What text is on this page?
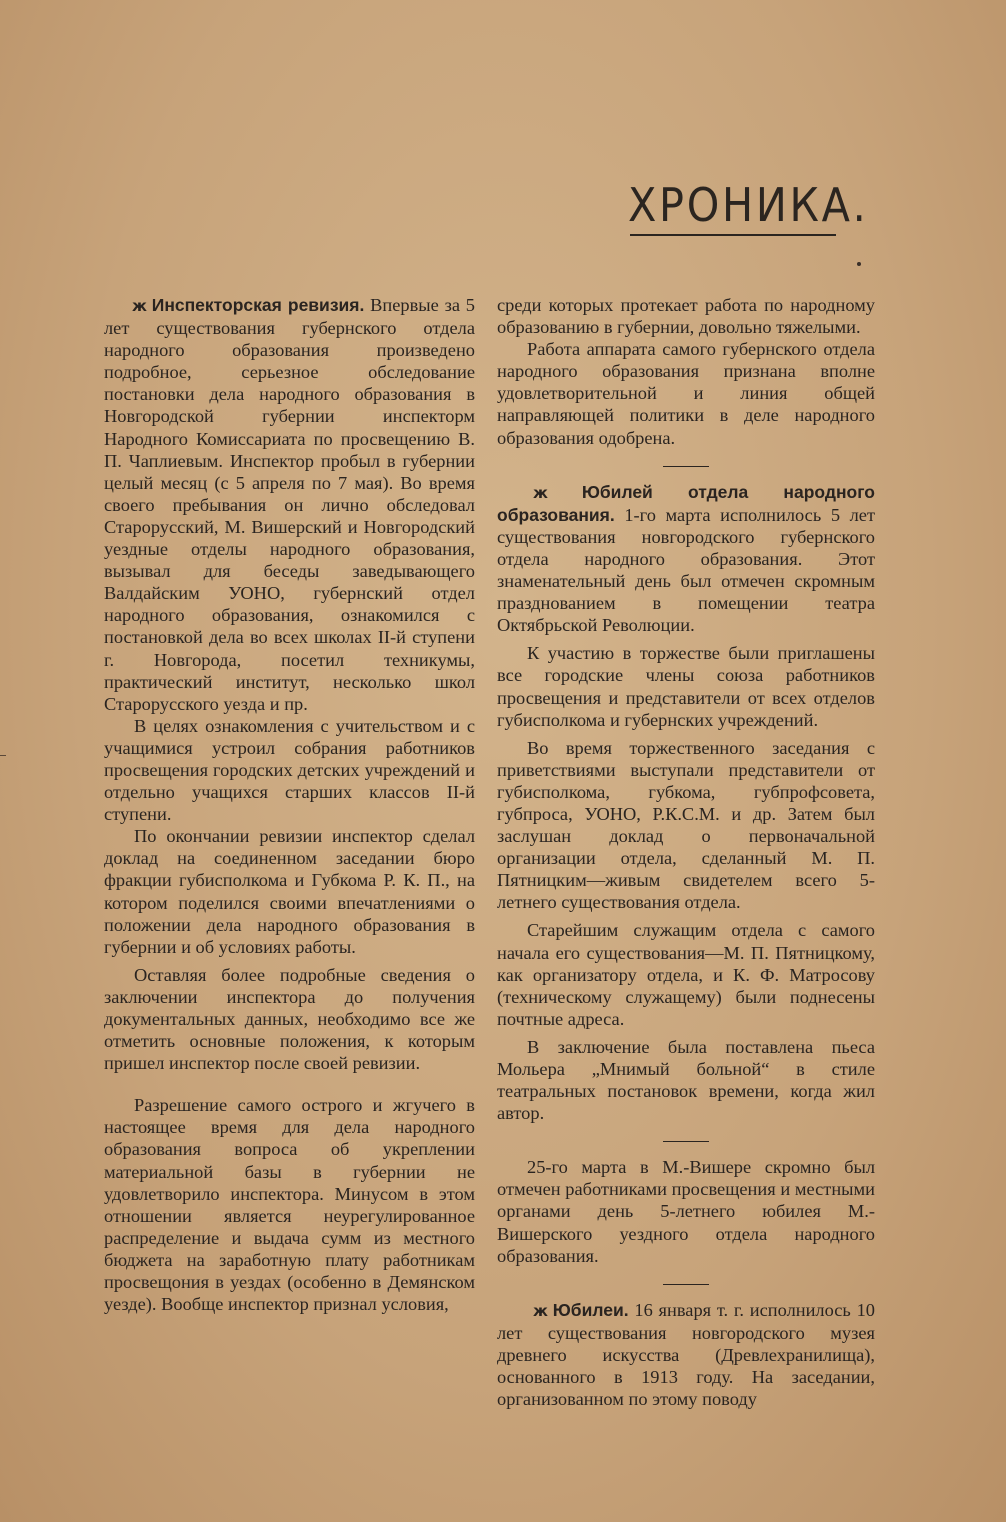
ХРОНИКА.

ж Инспекторская ревизия. Впервые за 5 лет существования губернского отдела народного образования произведено подробное, серьезное обследование постановки дела народного образования в Новгородской губернии инспекторм Народного Комиссариата по просвещению В. П. Чаплиевым. Инспектор пробыл в губернии целый месяц (с 5 апреля по 7 мая). Во время своего пребывания он лично обследовал Старорусский, М. Вишерский и Новгородский уездные отделы народного образования, вызывал для беседы заведывающего Валдайским УОНО, губернский отдел народного образования, ознакомился с постановкой дела во всех школах II-й ступени г. Новгорода, посетил техникумы, практический институт, несколько школ Старорусского уезда и пр.

В целях ознакомления с учительством и с учащимися устроил собрания работников просвещения городских детских учреждений и отдельно учащихся старших классов II-й ступени.

По окончании ревизии инспектор сделал доклад на соединенном заседании бюро фракции губисполкома и Губкома Р. К. П., на котором поделился своими впечатлениями о положении дела народного образования в губернии и об условиях работы.

Оставляя более подробные сведения о заключении инспектора до получения документальных данных, необходимо все же отметить основные положения, к которым пришел инспектор после своей ревизии.

Разрешение самого острого и жгучего в настоящее время для дела народного образования вопроса об укреплении материальной базы в губернии не удовлетворило инспектора. Минусом в этом отношении является неурегулированное распределение и выдача сумм из местного бюджета на заработную плату работникам просвещония в уездах (особенно в Демянском уезде). Вообще инспектор признал условия,

среди которых протекает работа по народному образованию в губернии, довольно тяжелыми.

Работа аппарата самого губернского отдела народного образования признана вполне удовлетворительной и линия общей направляющей политики в деле народного образования одобрена.

ж Юбилей отдела народного образования. 1-го марта исполнилось 5 лет существования новгородского губернского отдела народного образования. Этот знаменательный день был отмечен скромным празднованием в помещении театра Октябрьской Революции.

К участию в торжестве были приглашены все городские члены союза работников просвещения и представители от всех отделов губисполкома и губернских учреждений.

Во время торжественного заседания с приветствиями выступали представители от губисполкома, губкома, губпрофсовета, губпроса, УОНО, Р.К.С.М. и др. Затем был заслушан доклад о первоначальной организации отдела, сделанный М. П. Пятницким—живым свидетелем всего 5-летнего существования отдела.

Старейшим служащим отдела с самого начала его существования—М. П. Пятницкому, как организатору отдела, и К. Ф. Матросову (техническому служащему) были поднесены почтные адреса.

В заключение была поставлена пьеса Мольера „Мнимый больной“ в стиле театральных постановок времени, когда жил автор.

25-го марта в М.-Вишере скромно был отмечен работниками просвещения и местными органами день 5-летнего юбилея М.-Вишерского уездного отдела народного образования.

ж Юбилеи. 16 января т. г. исполнилось 10 лет существования новгородского музея древнего искусства (Древлехранилища), основанного в 1913 году. На заседании, организованном по этому поводу
